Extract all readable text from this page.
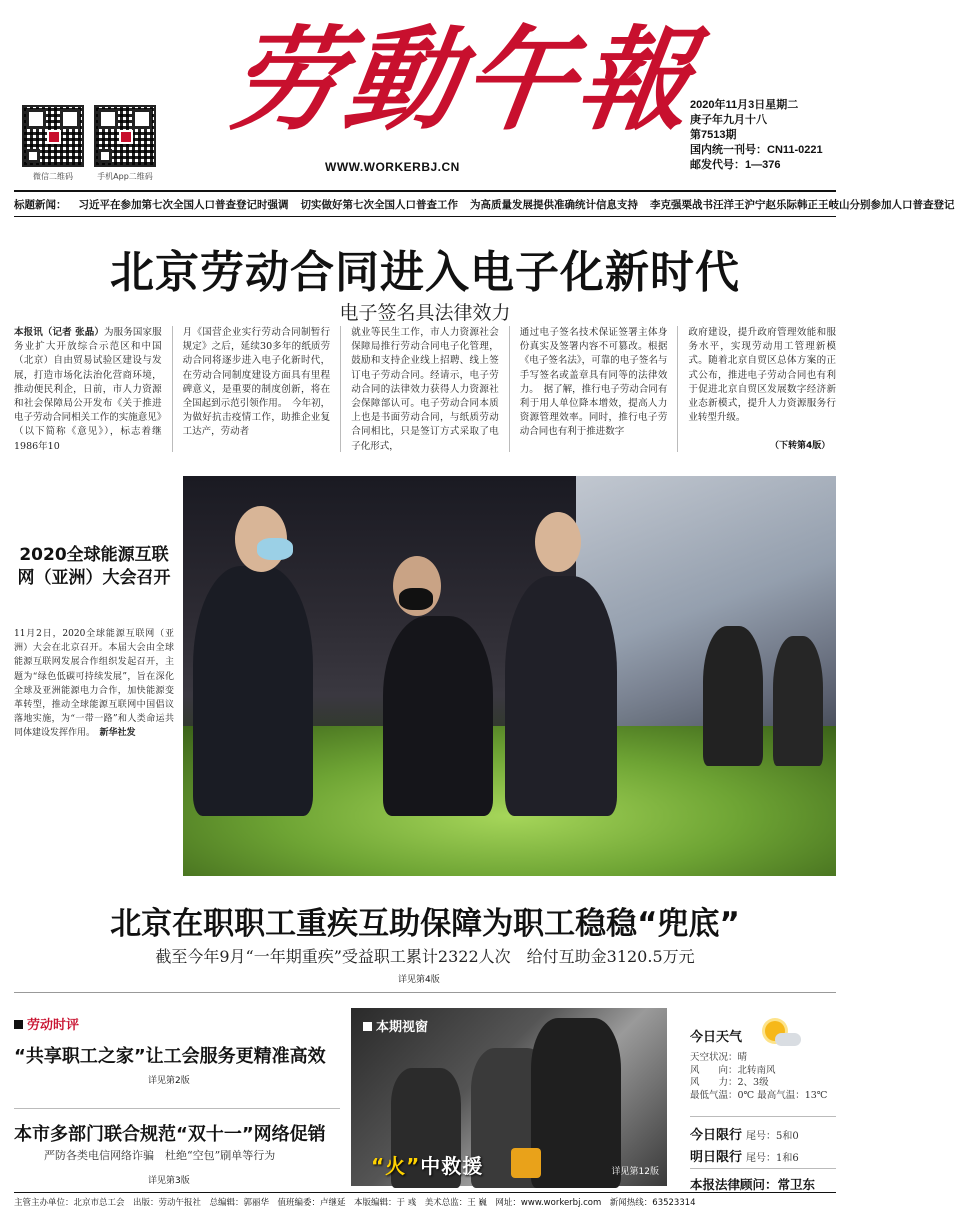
微信二维码	手机App二维码
劳動午報
WWW.WORKERBJ.CN
2020年11月3日星期二
庚子年九月十八
第7513期
国内统一刊号：CN11-0221
邮发代号：1—376
标题新闻： 习近平在参加第七次全国人口普查登记时强调 切实做好第七次全国人口普查工作 为高质量发展提供准确统计信息支持 李克强栗战书汪洋王沪宁赵乐际韩正王岐山分别参加人口普查登记
北京劳动合同进入电子化新时代
电子签名具法律效力
本报讯（记者 张晶）为服务国家服务业扩大开放综合示范区和中国（北京）自由贸易试验区建设与发展，打造市场化法治化营商环境，推动便民利企，日前，市人力资源和社会保障局公开发布《关于推进电子劳动合同相关工作的实施意见》（以下简称《意见》），标志着继1986年10
月《国营企业实行劳动合同制暂行规定》之后，延续30多年的纸质劳动合同将逐步进入电子化新时代，在劳动合同制度建设方面具有里程碑意义，是重要的制度创新，将在全国起到示范引领作用。　今年初，为做好抗击疫情工作，助推企业复工达产，劳动者
就业等民生工作，市人力资源社会保障局推行劳动合同电子化管理，鼓励和支持企业线上招聘、线上签订电子劳动合同。经请示，电子劳动合同的法律效力获得人力资源社会保障部认可。电子劳动合同本质上也是书面劳动合同，与纸质劳动合同相比，只是签订方式采取了电子化形式，
通过电子签名技术保证签署主体身份真实及签署内容不可篡改。根据《电子签名法》，可靠的电子签名与手写签名或盖章具有同等的法律效力。　据了解，推行电子劳动合同有利于用人单位降本增效，提高人力资源管理效率。同时，推行电子劳动合同也有利于推进数字
政府建设，提升政府管理效能和服务水平，实现劳动用工管理新模式。随着北京自贸区总体方案的正式公布，推进电子劳动合同也有利于促进北京自贸区发展数字经济新业态新模式，提升人力资源服务行业转型升级。
（下转第4版）
2020全球能源互联网（亚洲）大会召开
11月2日，2020全球能源互联网（亚洲）大会在北京召开。本届大会由全球能源互联网发展合作组织发起召开，主题为“绿色低碳可持续发展”，旨在深化全球及亚洲能源电力合作，加快能源变革转型，推动全球能源互联网中国倡议落地实施，为“一带一路”和人类命运共同体建设发挥作用。　 新华社发
北京在职职工重疾互助保障为职工稳稳“兜底”
截至今年9月“一年期重疾”受益职工累计2322人次　给付互助金3120.5万元
详见第4版
劳动时评
“共享职工之家”让工会服务更精准高效
详见第2版
本市多部门联合规范“双十一”网络促销
严防各类电信网络诈骗　杜绝“空包”刷单等行为
详见第3版
本期视窗
“火”中救援	详见第12版
今日天气
天空状况：晴
风　　向：北转南风
风　　力：2、3级
最低气温：0℃ 最高气温：13℃
今日限行 尾号：5和0
明日限行 尾号：1和6
本报法律顾问：常卫东
主管主办单位：北京市总工会　出版：劳动午报社　总编辑：郭丽华　值班编委：卢继延　本版编辑：于 彧　美术总监：王 巍　网址：www.workerbj.com　新闻热线：63523314
